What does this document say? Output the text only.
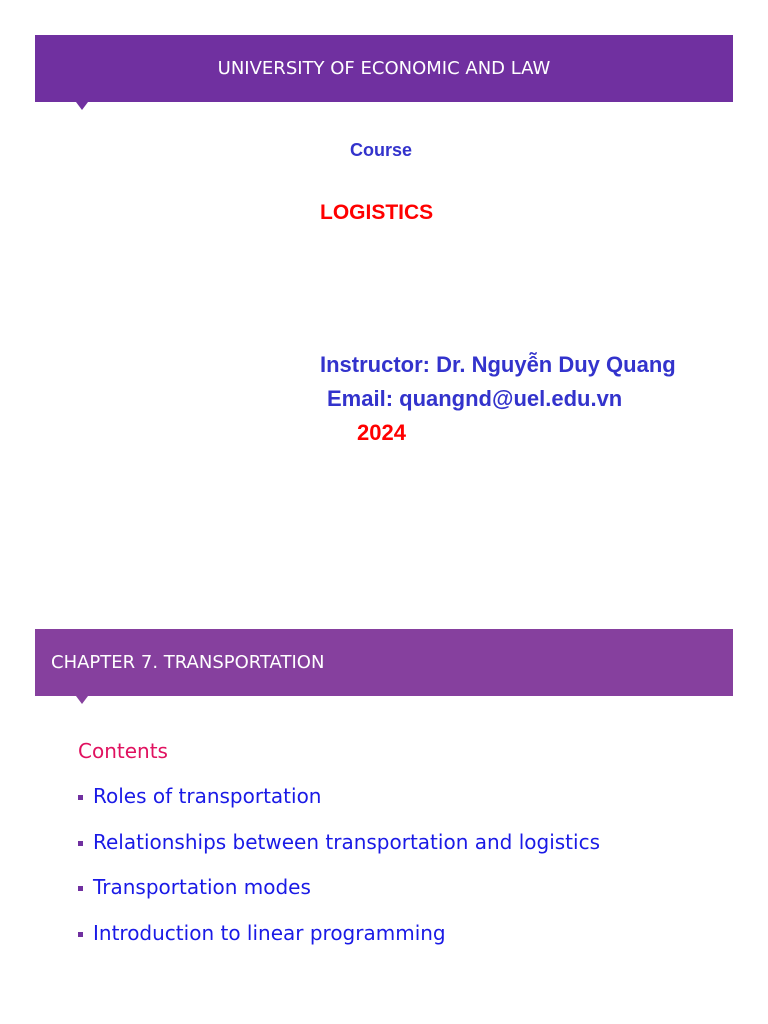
UNIVERSITY OF ECONOMIC AND LAW
Course
LOGISTICS
Instructor: Dr. Nguyễn Duy Quang
Email: quangnd@uel.edu.vn
2024
CHAPTER 7. TRANSPORTATION
Contents
Roles of transportation
Relationships between transportation and logistics
Transportation modes
Introduction to linear programming
